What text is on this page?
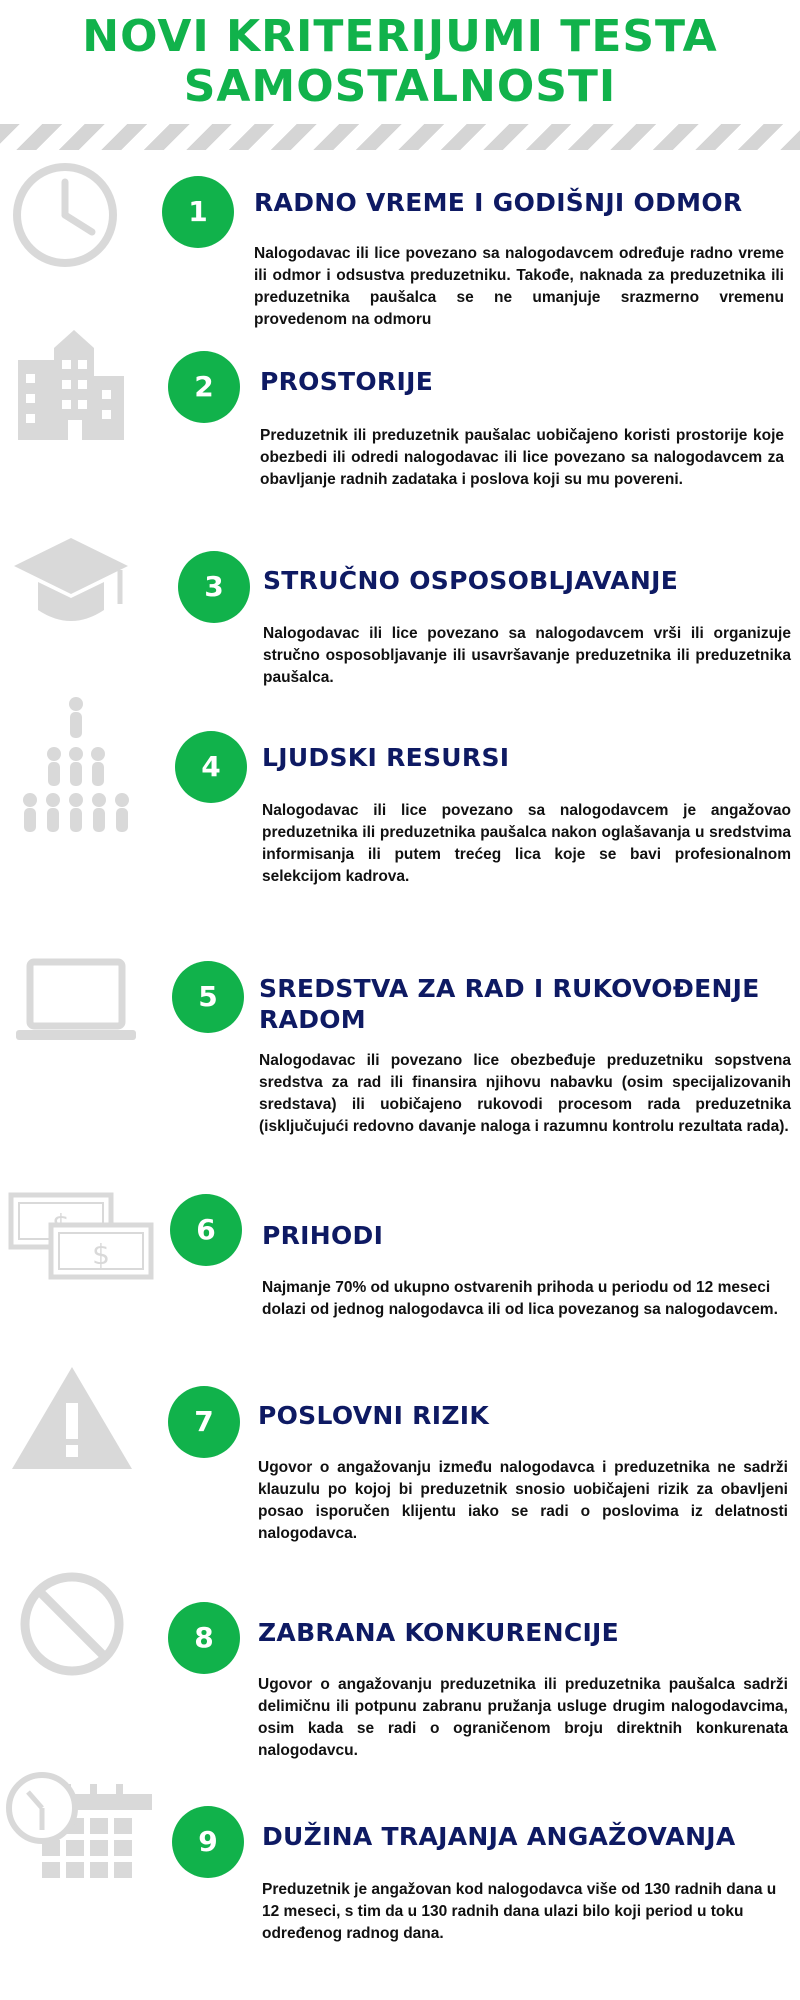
NOVI KRITERIJUMI TESTA
SAMOSTALNOSTI
1	RADNO VREME I GODIŠNJI ODMOR
Nalogodavac ili lice povezano sa nalogodavcem određuje radno vreme ili odmor i odsustva preduzetniku. Takođe, naknada za preduzetnika ili preduzetnika paušalca se ne umanjuje srazmerno vremenu provedenom na odmoru
2	PROSTORIJE
Preduzetnik ili preduzetnik paušalac uobičajeno koristi prostorije koje obezbedi ili odredi nalogodavac ili lice povezano sa nalogodavcem za obavljanje radnih zadataka i poslova koji su mu povereni.
3	STRUČNO OSPOSOBLJAVANJE
Nalogodavac ili lice povezano sa nalogodavcem vrši ili organizuje stručno osposobljavanje ili usavršavanje preduzetnika ili preduzetnika paušalca.
4	LJUDSKI RESURSI
Nalogodavac ili lice povezano sa nalogodavcem je angažovao preduzetnika ili preduzetnika paušalca nakon oglašavanja u sredstvima informisanja ili putem trećeg lica koje se bavi profesionalnom selekcijom kadrova.
5	SREDSTVA ZA RAD I RUKOVOĐENJE
RADOM
Nalogodavac ili povezano lice obezbeđuje preduzetniku sopstvena sredstva za rad ili finansira njihovu nabavku (osim specijalizovanih sredstava) ili uobičajeno rukovodi procesom rada preduzetnika (isključujući redovno davanje naloga i razumnu kontrolu rezultata rada).
$
6	PRIHODI
Najmanje 70% od ukupno ostvarenih prihoda u periodu od 12 meseci dolazi od jednog nalogodavca ili od lica povezanog sa nalogodavcem.
7	POSLOVNI RIZIK
Ugovor o angažovanju između nalogodavca i preduzetnika ne sadrži klauzulu po kojoj bi preduzetnik snosio uobičajeni rizik za obavljeni posao isporučen klijentu iako se radi o poslovima iz delatnosti nalogodavca.
8	ZABRANA KONKURENCIJE
Ugovor o angažovanju preduzetnika ili preduzetnika paušalca sadrži delimičnu ili potpunu zabranu pružanja usluge drugim nalogodavcima, osim kada se radi o ograničenom broju direktnih konkurenata nalogodavcu.
9	DUŽINA TRAJANJA ANGAŽOVANJA
Preduzetnik je angažovan kod nalogodavca više od 130 radnih dana u 12 meseci, s tim da u 130 radnih dana ulazi bilo koji period u toku određenog radnog dana.
